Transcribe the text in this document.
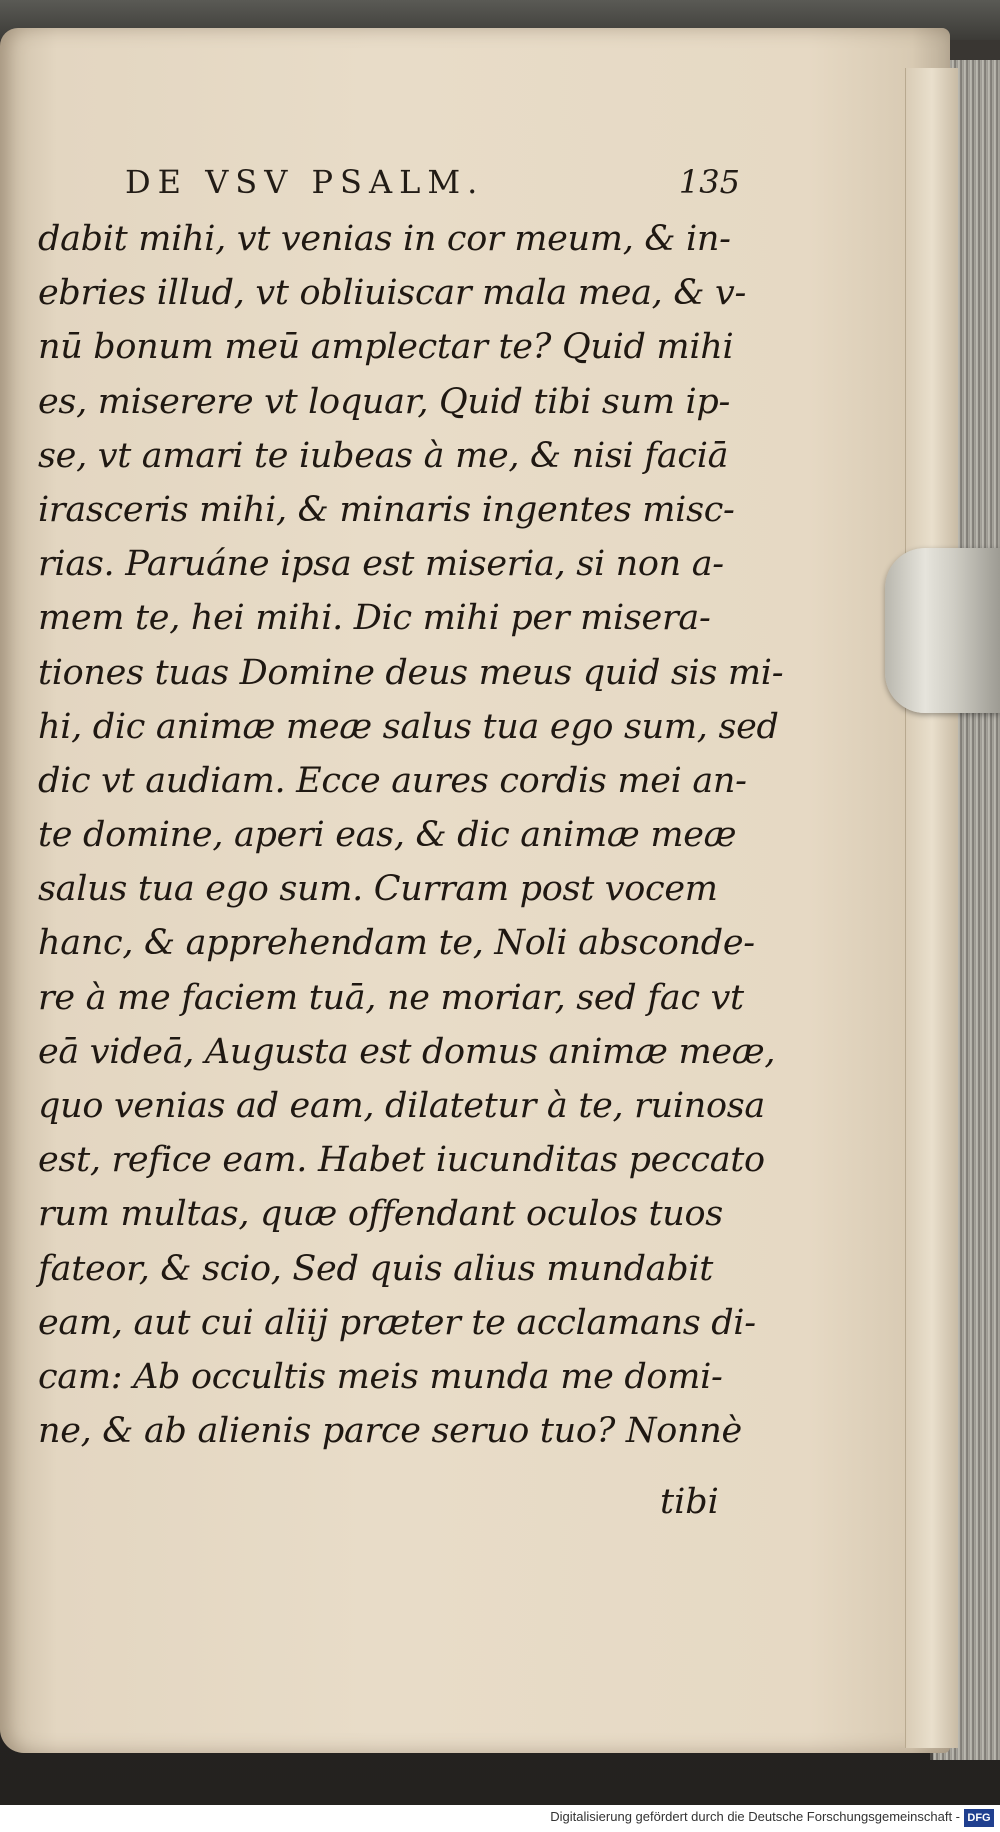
DE VSV PSALM.	135
dabit mihi, vt venias in cor meum, & in-
ebries illud, vt obliuiscar mala mea, & v-
nū bonum meū amplectar te? Quid mihi
es, miserere vt loquar, Quid tibi sum ip-
se, vt amari te iubeas à me, & nisi faciā
irasceris mihi, & minaris ingentes misc-
rias. Paruáne ipsa est miseria, si non a-
mem te, hei mihi. Dic mihi per misera-
tiones tuas Domine deus meus quid sis mi-
hi, dic animæ meæ salus tua ego sum, sed
dic vt audiam. Ecce aures cordis mei an-
te domine, aperi eas, & dic animæ meæ
salus tua ego sum. Curram post vocem
hanc, & apprehendam te, Noli absconde-
re à me faciem tuā, ne moriar, sed fac vt
eā videā, Augusta est domus animæ meæ,
quo venias ad eam, dilatetur à te, ruinosa
est, refice eam. Habet iucunditas peccato
rum multas, quæ offendant oculos tuos
fateor, & scio, Sed quis alius mundabit
eam, aut cui aliij præter te acclamans di-
cam: Ab occultis meis munda me domi-
ne, & ab alienis parce seruo tuo? Nonnè
tibi
Digitalisierung gefördert durch die Deutsche Forschungsgemeinschaft - DFG
